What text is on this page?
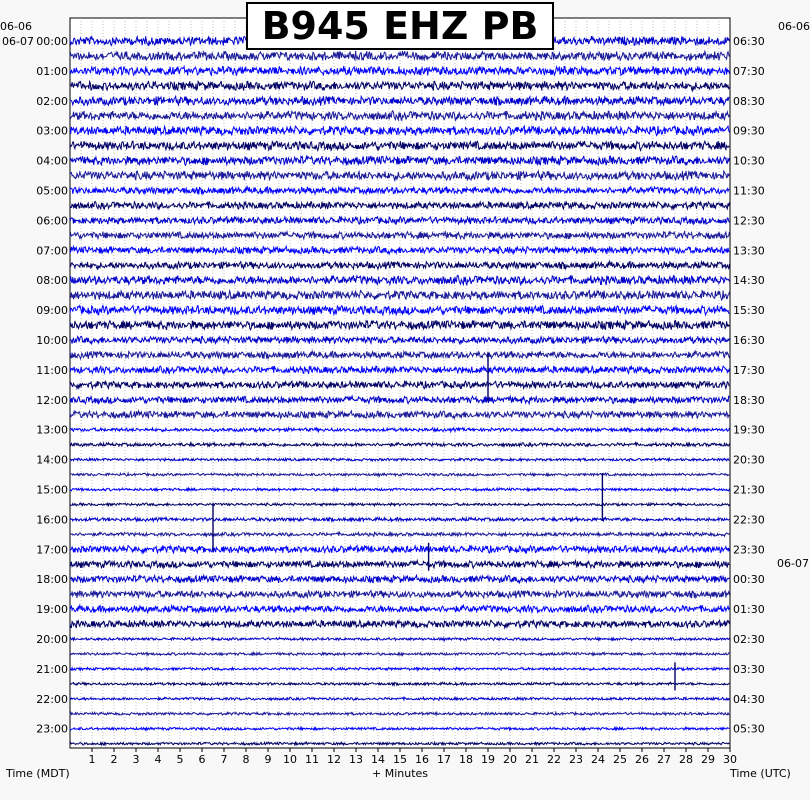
00:00
01:00
02:00
03:00
04:00
05:00
06:00
07:00
08:00
09:00
10:00
11:00
12:00
13:00
14:00
15:00
16:00
17:00
18:00
19:00
20:00
21:00
22:00
23:00
06:30
07:30
08:30
09:30
10:30
11:30
12:30
13:30
14:30
15:30
16:30
17:30
18:30
19:30
20:30
21:30
22:30
23:30
00:30
01:30
02:30
03:30
04:30
05:30
1 2 3 4 5 6 7 8 9 10 11 12 13 14 15 16 17 18 19 20 21 22 23 24 25 26 27 28 29 30
B945 EHZ PB
06-06
06-07
06-06
06-07
Time (MDT)	+ Minutes	Time (UTC)
